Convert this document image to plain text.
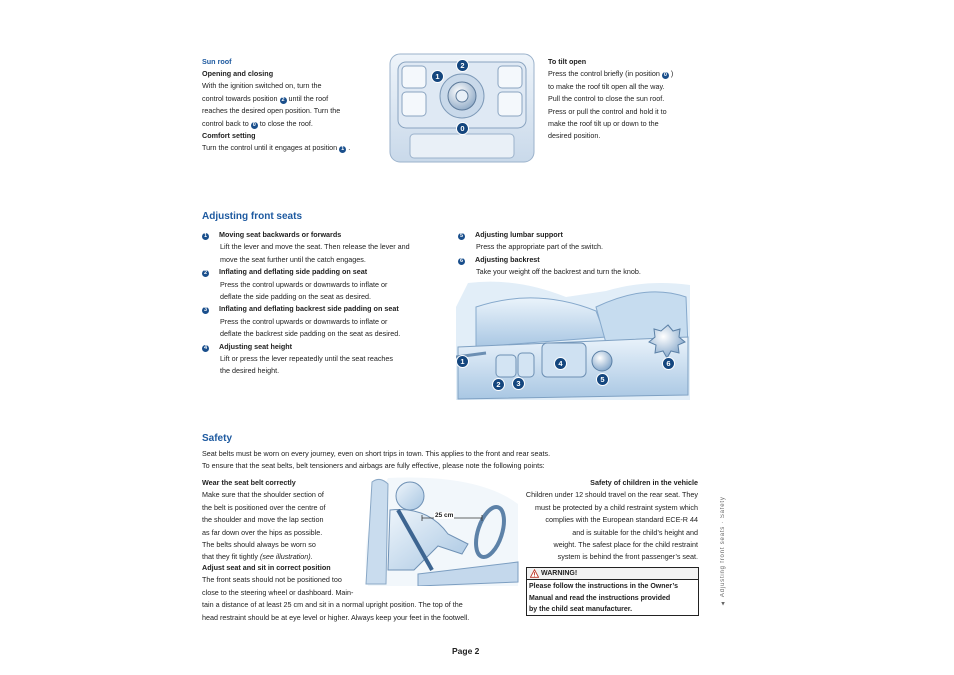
Sun roof
Opening and closing
With the ignition switched on, turn the
control towards position 2 until the roof
reaches the desired open position. Turn the
control back to 0 to close the roof.
Comfort setting
Turn the control until it engages at position 1 .
1
2
0
To tilt open
Press the control briefly (in position 0 )
to make the roof tilt open all the way.
Pull the control to close the sun roof.
Press or pull the control and hold it to
make the roof tilt up or down to the
desired position.
Adjusting front seats
1 Moving seat backwards or forwards
Lift the lever and move the seat. Then release the lever and
move the seat further until the catch engages.
2 Inflating and deflating side padding on seat
Press the control upwards or downwards to inflate or
deflate the side padding on the seat as desired.
3 Inflating and deflating backrest side padding on seat
Press the control upwards or downwards to inflate or
deflate the backrest side padding on the seat as desired.
4 Adjusting seat height
Lift or press the lever repeatedly until the seat reaches
the desired height.
5 Adjusting lumbar support
Press the appropriate part of the switch.
6 Adjusting backrest
Take your weight off the backrest and turn the knob.
1
2	3
4
5
6
Safety
Seat belts must be worn on every journey, even on short trips in town. This applies to the front and rear seats.
To ensure that the seat belts, belt tensioners and airbags are fully effective, please note the following points:
Wear the seat belt correctly
Make sure that the shoulder section of
the belt is positioned over the centre of
the shoulder and move the lap section
as far down over the hips as possible.
The belts should always be worn so
that they fit tightly (see illustration).
Adjust seat and sit in correct position
The front seats should not be positioned too
close to the steering wheel or dashboard. Main-
tain a distance of at least 25 cm and sit in a normal upright position. The top of the
head restraint should be at eye level or higher. Always keep your feet in the footwell.
25 cm
Safety of children in the vehicle
Children under 12 should travel on the rear seat. They
must be protected by a child restraint system which
complies with the European standard ECE-R 44
and is suitable for the child’s height and
weight. The safest place for the child restraint
system is behind the front passenger’s seat.
WARNING!
Please follow the instructions in the Owner’s
Manual and read the instructions provided
by the child seat manufacturer.
▲ Adjusting front seats · Safety
Page 2
